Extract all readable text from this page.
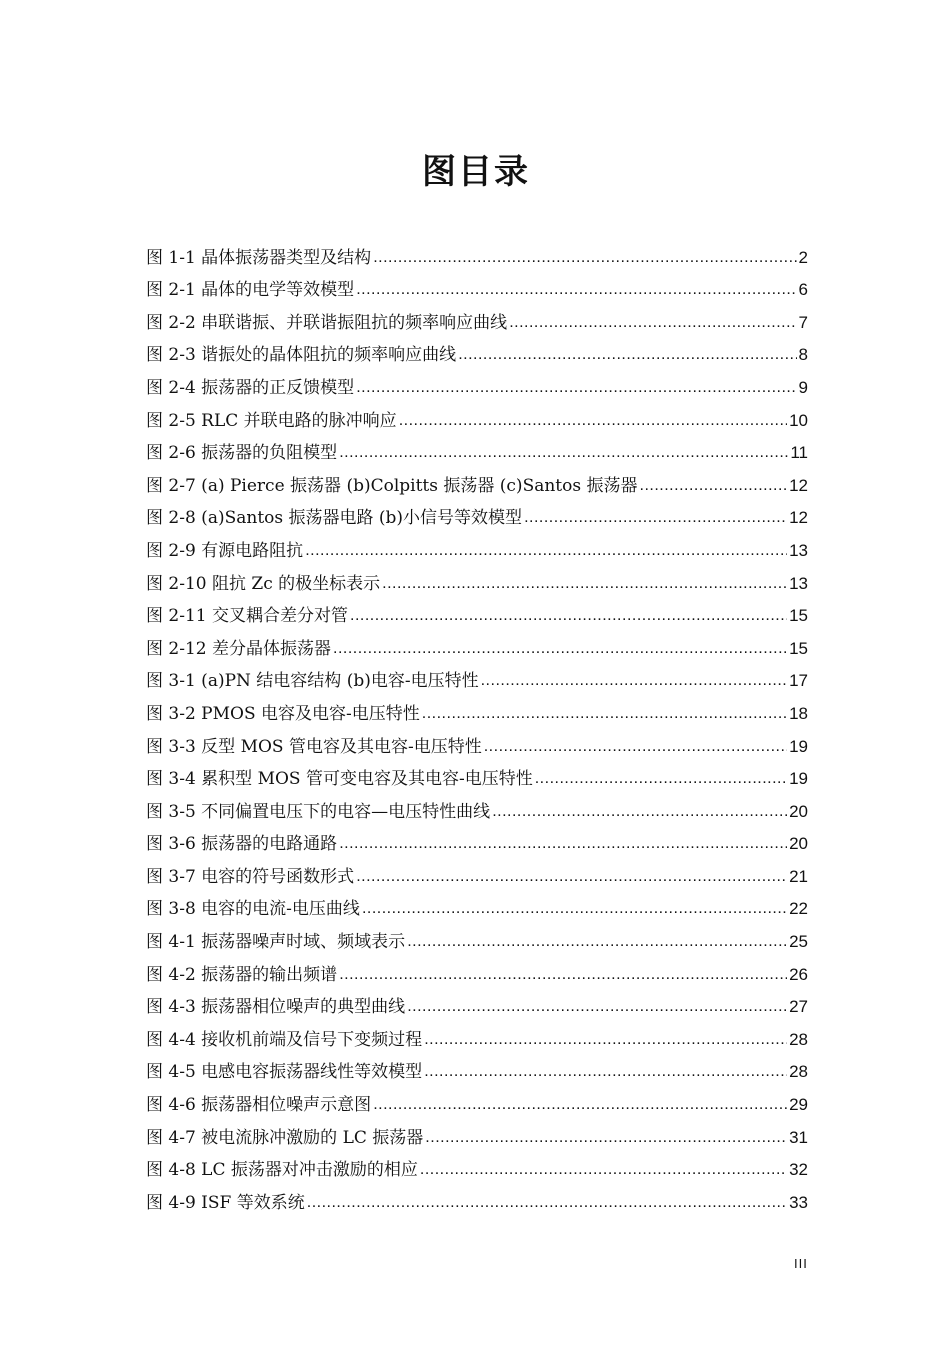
图目录
图 1-1 晶体振荡器类型及结构 .....	2
图 2-1 晶体的电学等效模型 .....	6
图 2-2 串联谐振、并联谐振阻抗的频率响应曲线 .....	7
图 2-3 谐振处的晶体阻抗的频率响应曲线 .....	8
图 2-4 振荡器的正反馈模型 .....	9
图 2-5 RLC 并联电路的脉冲响应 .....	10
图 2-6 振荡器的负阻模型 .....	11
图 2-7 (a) Pierce 振荡器 (b)Colpitts 振荡器 (c)Santos 振荡器 .....	12
图 2-8 (a)Santos 振荡器电路 (b)小信号等效模型 .....	12
图 2-9 有源电路阻抗 .....	13
图 2-10 阻抗 Zc 的极坐标表示 .....	13
图 2-11 交叉耦合差分对管 .....	15
图 2-12 差分晶体振荡器 .....	15
图 3-1 (a)PN 结电容结构 (b)电容-电压特性 .....	17
图 3-2 PMOS 电容及电容-电压特性 .....	18
图 3-3 反型 MOS 管电容及其电容-电压特性 .....	19
图 3-4 累积型 MOS 管可变电容及其电容-电压特性 .....	19
图 3-5 不同偏置电压下的电容—电压特性曲线 .....	20
图 3-6 振荡器的电路通路 .....	20
图 3-7 电容的符号函数形式 .....	21
图 3-8 电容的电流-电压曲线 .....	22
图 4-1 振荡器噪声时域、频域表示 .....	25
图 4-2 振荡器的输出频谱 .....	26
图 4-3 振荡器相位噪声的典型曲线 .....	27
图 4-4 接收机前端及信号下变频过程 .....	28
图 4-5 电感电容振荡器线性等效模型 .....	28
图 4-6 振荡器相位噪声示意图 .....	29
图 4-7 被电流脉冲激励的 LC 振荡器 .....	31
图 4-8 LC 振荡器对冲击激励的相应 .....	32
图 4-9 ISF 等效系统 .....	33
III
